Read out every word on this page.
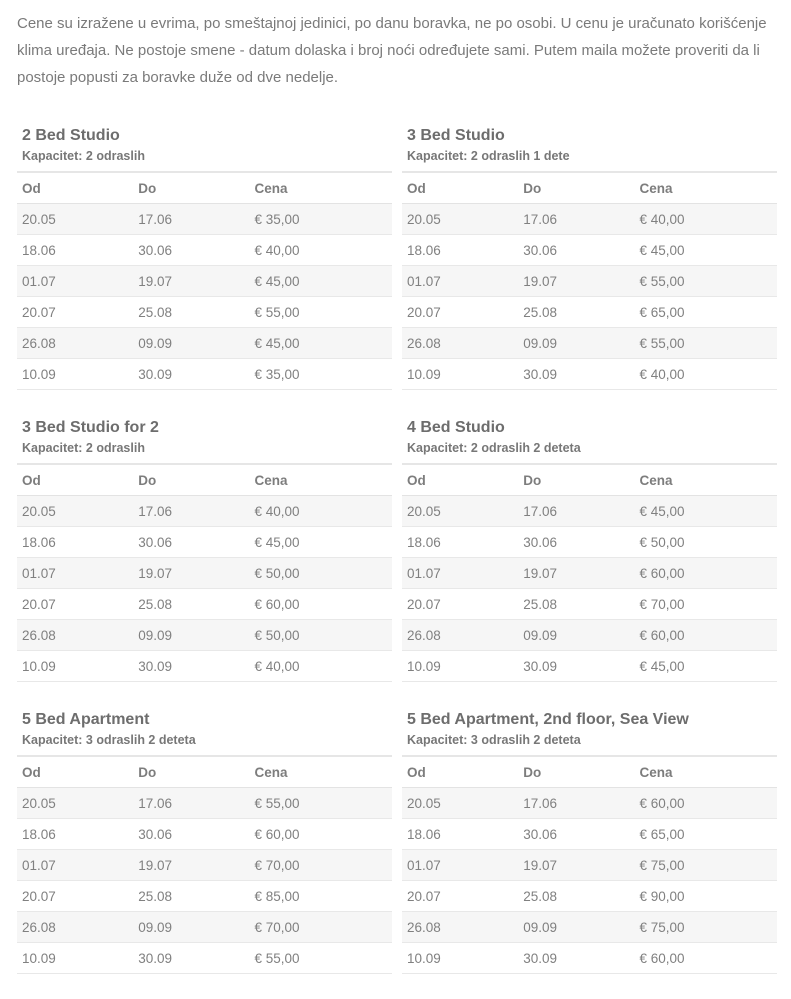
Cene su izražene u evrima, po smeštajnoj jedinici, po danu boravka, ne po osobi. U cenu je uračunato korišćenje klima uređaja. Ne postoje smene - datum dolaska i broj noći određujete sami. Putem maila možete proveriti da li postoje popusti za boravke duže od dve nedelje.

2 Bed Studio

Kapacitet: 2 odraslih

Od	Do	Cena
20.05	17.06	€ 35,00
18.06	30.06	€ 40,00
01.07	19.07	€ 45,00
20.07	25.08	€ 55,00
26.08	09.09	€ 45,00
10.09	30.09	€ 35,00
3 Bed Studio

Kapacitet: 2 odraslih 1 dete

Od	Do	Cena
20.05	17.06	€ 40,00
18.06	30.06	€ 45,00
01.07	19.07	€ 55,00
20.07	25.08	€ 65,00
26.08	09.09	€ 55,00
10.09	30.09	€ 40,00
3 Bed Studio for 2

Kapacitet: 2 odraslih

Od	Do	Cena
20.05	17.06	€ 40,00
18.06	30.06	€ 45,00
01.07	19.07	€ 50,00
20.07	25.08	€ 60,00
26.08	09.09	€ 50,00
10.09	30.09	€ 40,00
4 Bed Studio

Kapacitet: 2 odraslih 2 deteta

Od	Do	Cena
20.05	17.06	€ 45,00
18.06	30.06	€ 50,00
01.07	19.07	€ 60,00
20.07	25.08	€ 70,00
26.08	09.09	€ 60,00
10.09	30.09	€ 45,00
5 Bed Apartment

Kapacitet: 3 odraslih 2 deteta

Od	Do	Cena
20.05	17.06	€ 55,00
18.06	30.06	€ 60,00
01.07	19.07	€ 70,00
20.07	25.08	€ 85,00
26.08	09.09	€ 70,00
10.09	30.09	€ 55,00
5 Bed Apartment, 2nd floor, Sea View

Kapacitet: 3 odraslih 2 deteta

Od	Do	Cena
20.05	17.06	€ 60,00
18.06	30.06	€ 65,00
01.07	19.07	€ 75,00
20.07	25.08	€ 90,00
26.08	09.09	€ 75,00
10.09	30.09	€ 60,00
